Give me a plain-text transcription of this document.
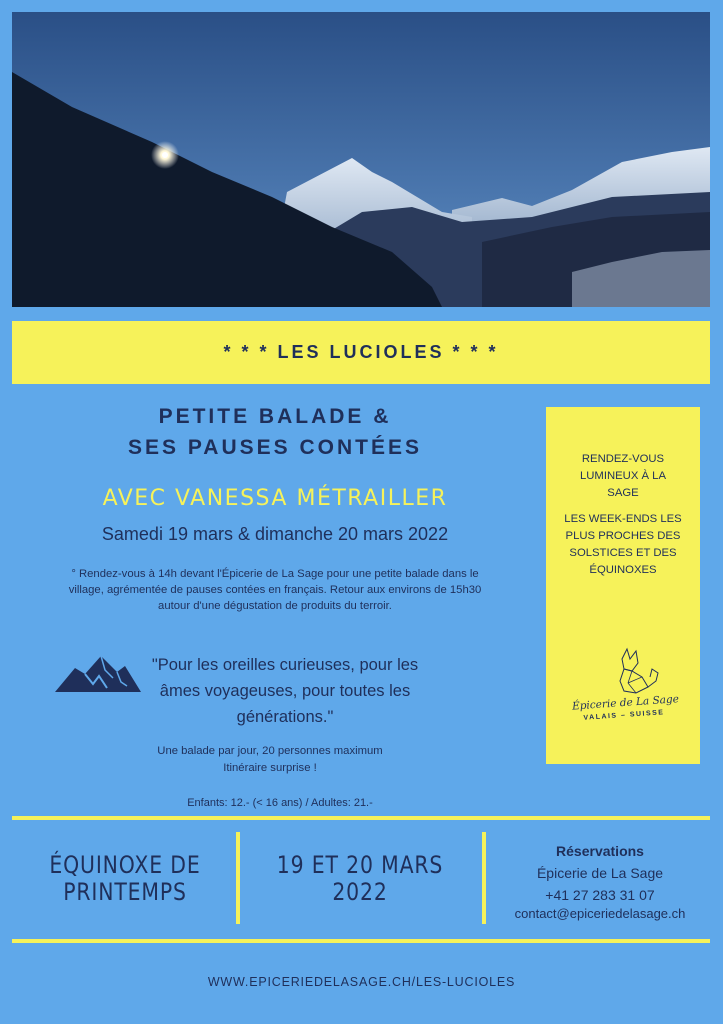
* * * LES LUCIOLES * * *
PETITE BALADE &
SES PAUSES CONTÉES
AVEC VANESSA MÉTRAILLER
Samedi 19 mars & dimanche 20 mars 2022
° Rendez-vous à 14h devant l'Épicerie de La Sage pour une petite balade dans le village, agrémentée de pauses contées en français. Retour aux environs de 15h30 autour d'une dégustation de produits du terroir.
"Pour les oreilles curieuses, pour les âmes voyageuses, pour toutes les générations."
Une balade par jour, 20 personnes maximum
Itinéraire surprise !
Enfants: 12.- (< 16 ans) / Adultes: 21.-
RENDEZ-VOUS LUMINEUX À LA SAGE
LES WEEK-ENDS LES PLUS PROCHES DES SOLSTICES ET DES ÉQUINOXES
Épicerie de La Sage
VALAIS – SUISSE
ÉQUINOXE DE PRINTEMPS
19 ET 20 MARS 2022
Réservations
Épicerie de La Sage
+41 27 283 31 07
contact@epiceriedelasage.ch
WWW.EPICERIEDELASAGE.CH/LES-LUCIOLES
